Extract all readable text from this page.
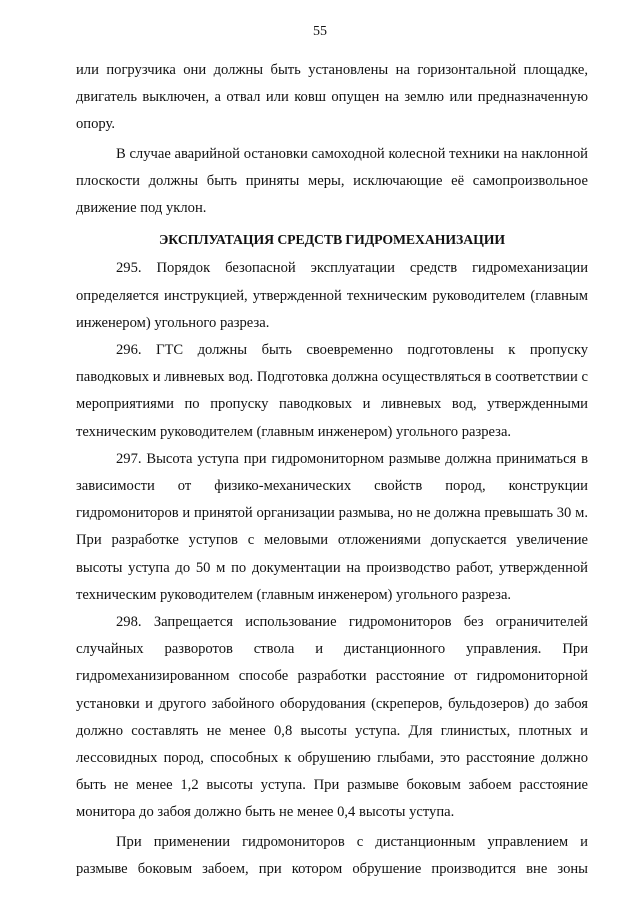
55

или погрузчика они должны быть установлены на горизонтальной площадке, двигатель выключен, а отвал или ковш опущен на землю или предназначенную опору.

В случае аварийной остановки самоходной колесной техники на наклонной плоскости должны быть приняты меры, исключающие её самопроизвольное движение под уклон.

ЭКСПЛУАТАЦИЯ СРЕДСТВ ГИДРОМЕХАНИЗАЦИИ

295. Порядок безопасной эксплуатации средств гидромеханизации определяется инструкцией, утвержденной техническим руководителем (главным инженером) угольного разреза.

296. ГТС должны быть своевременно подготовлены к пропуску паводковых и ливневых вод. Подготовка должна осуществляться в соответствии с мероприятиями по пропуску паводковых и ливневых вод, утвержденными техническим руководителем (главным инженером) угольного разреза.

297. Высота уступа при гидромониторном размыве должна приниматься в зависимости от физико-механических свойств пород, конструкции гидромониторов и принятой организации размыва, но не должна превышать 30 м. При разработке уступов с меловыми отложениями допускается увеличение высоты уступа до 50 м по документации на производство работ, утвержденной техническим руководителем (главным инженером) угольного разреза.

298. Запрещается использование гидромониторов без ограничителей случайных разворотов ствола и дистанционного управления. При гидромеханизированном способе разработки расстояние от гидромониторной установки и другого забойного оборудования (скреперов, бульдозеров) до забоя должно составлять не менее 0,8 высоты уступа. Для глинистых, плотных и лессовидных пород, способных к обрушению глыбами, это расстояние должно быть не менее 1,2 высоты уступа. При размыве боковым забоем расстояние монитора до забоя должно быть не менее 0,4 высоты уступа.

При применении гидромониторов с дистанционным управлением и размыве боковым забоем, при котором обрушение производится вне зоны
